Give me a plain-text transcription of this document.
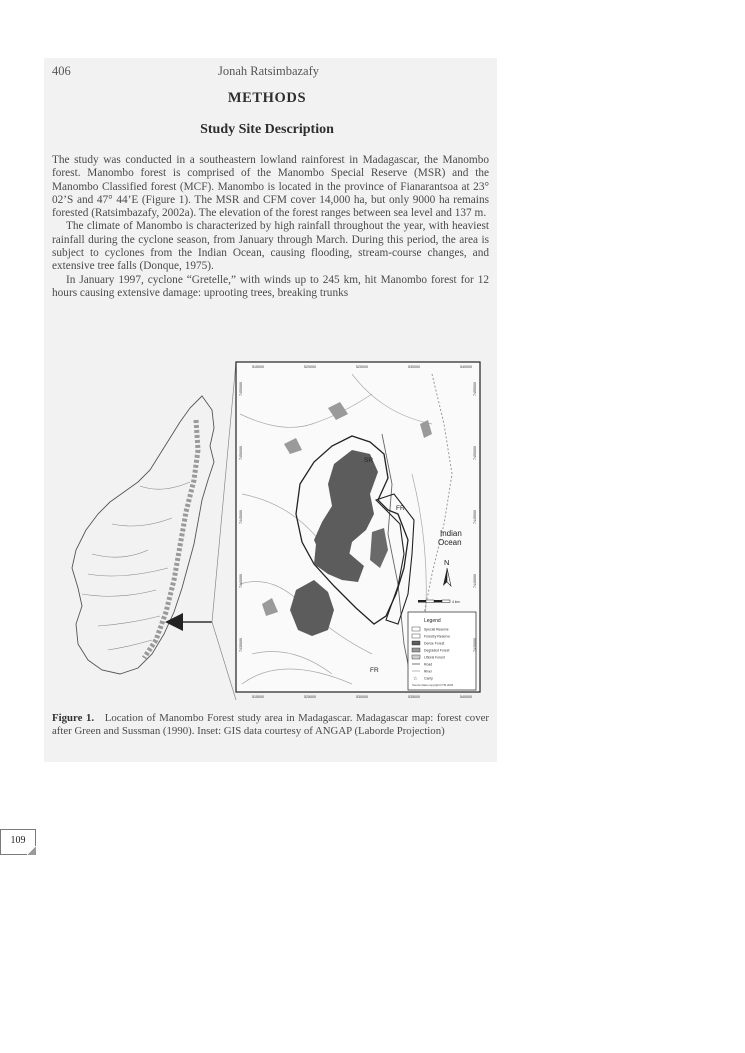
406	Jonah Ratsimbazafy
METHODS
Study Site Description

The study was conducted in a southeastern lowland rainforest in Madagascar, the Manombo forest. Manombo forest is comprised of the Manombo Special Reserve (MSR) and the Manombo Classified forest (MCF). Manombo is located in the province of Fianarantsoa at 23° 02’S and 47° 44’E (Figure 1). The MSR and CFM cover 14,000 ha, but only 9000 ha remains forested (Ratsimbazafy, 2002a). The elevation of the forest ranges between sea level and 137 m.

The climate of Manombo is characterized by high rainfall throughout the year, with heaviest rainfall during the cyclone season, from January through March. During this period, the area is subject to cyclones from the Indian Ocean, causing flooding, stream-course changes, and extensive tree falls (Donque, 1975).

In January 1997, cyclone “Gretelle,” with winds up to 245 km, hit Manombo forest for 12 hours causing extensive damage: uprooting trees, breaking trunks

SR
FR
FR
Indian
Ocean
N
4 km
Legend
Special Reserve
Forestry Reserve
Dense Forest
Degraded Forest
Littoral Forest
Road
River
☆ Camp
Source Data copyright FTM 2003
515000	520000	525000	530000	540000
515000	525000	530000	535000	540000
7455000
7450000
7445000
7440000
7435000
7455000
7450000
7445000
7440000
7435000
Figure 1. Location of Manombo Forest study area in Madagascar. Madagascar map: forest cover after Green and Sussman (1990). Inset: GIS data courtesy of ANGAP (Laborde Projection)
109
